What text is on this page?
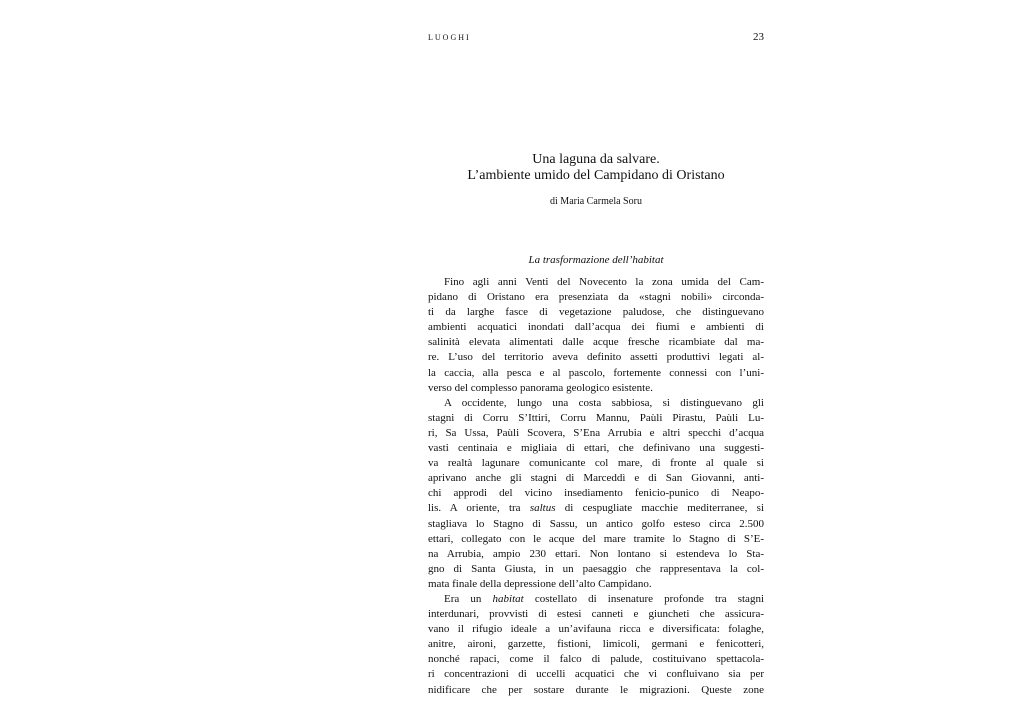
LUOGHI	23
Una laguna da salvare.
L’ambiente umido del Campidano di Oristano
di Maria Carmela Soru
La trasformazione dell’habitat
Fino agli anni Venti del Novecento la zona umida del Cam-
pidano di Oristano era presenziata da «stagni nobili» circonda-
ti da larghe fasce di vegetazione paludose, che distinguevano
ambienti acquatici inondati dall’acqua dei fiumi e ambienti di
salinità elevata alimentati dalle acque fresche ricambiate dal ma-
re. L’uso del territorio aveva definito assetti produttivi legati al-
la caccia, alla pesca e al pascolo, fortemente connessi con l’uni-
verso del complesso panorama geologico esistente.
A occidente, lungo una costa sabbiosa, si distinguevano gli
stagni di Corru S’Ittiri, Corru Mannu, Paùli Pirastu, Paùli Lu-
ri, Sa Ussa, Paùli Scovera, S’Ena Arrubia e altri specchi d’acqua
vasti centinaia e migliaia di ettari, che definivano una suggesti-
va realtà lagunare comunicante col mare, di fronte al quale si
aprivano anche gli stagni di Marceddì e di San Giovanni, anti-
chi approdi del vicino insediamento fenicio-punico di Neapo-
lis. A oriente, tra saltus di cespugliate macchie mediterranee, si
stagliava lo Stagno di Sassu, un antico golfo esteso circa 2.500
ettari, collegato con le acque del mare tramite lo Stagno di S’E-
na Arrubia, ampio 230 ettari. Non lontano si estendeva lo Sta-
gno di Santa Giusta, in un paesaggio che rappresentava la col-
mata finale della depressione dell’alto Campidano.
Era un habitat costellato di insenature profonde tra stagni
interdunari, provvisti di estesi canneti e giuncheti che assicura-
vano il rifugio ideale a un’avifauna ricca e diversificata: folaghe,
anitre, aironi, garzette, fistioni, limicoli, germani e fenicotteri,
nonché rapaci, come il falco di palude, costituivano spettacola-
ri concentrazioni di uccelli acquatici che vi confluivano sia per
nidificare che per sostare durante le migrazioni. Queste zone
